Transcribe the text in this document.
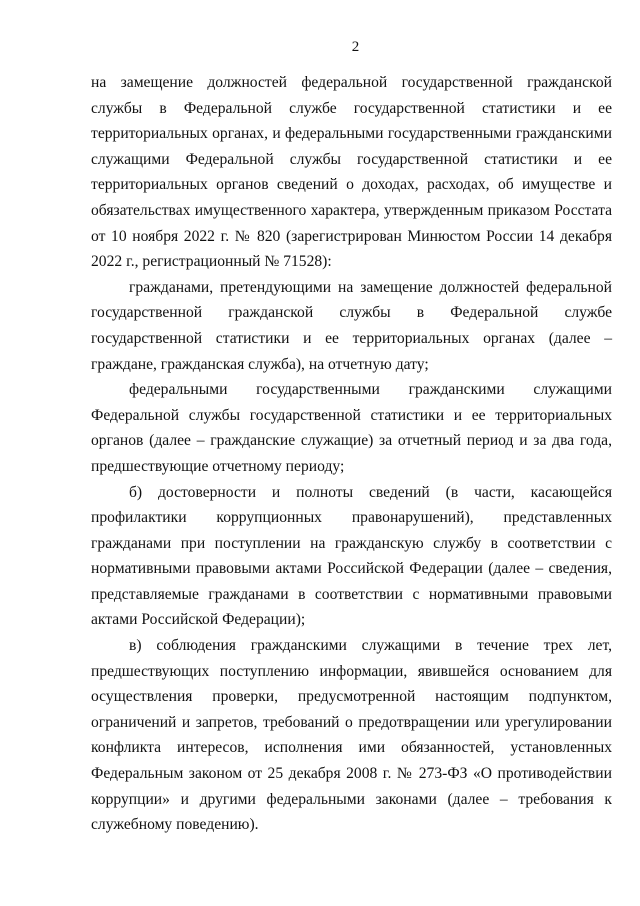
2

на замещение должностей федеральной государственной гражданской службы в Федеральной службе государственной статистики и ее территориальных органах, и федеральными государственными гражданскими служащими Федеральной службы государственной статистики и ее территориальных органов сведений о доходах, расходах, об имуществе и обязательствах имущественного характера, утвержденным приказом Росстата от 10 ноября 2022 г. № 820 (зарегистрирован Минюстом России 14 декабря 2022 г., регистрационный № 71528):

гражданами, претендующими на замещение должностей федеральной государственной гражданской службы в Федеральной службе государственной статистики и ее территориальных органах (далее – граждане, гражданская служба), на отчетную дату;

федеральными государственными гражданскими служащими Федеральной службы государственной статистики и ее территориальных органов (далее – гражданские служащие) за отчетный период и за два года, предшествующие отчетному периоду;

б) достоверности и полноты сведений (в части, касающейся профилактики коррупционных правонарушений), представленных гражданами при поступлении на гражданскую службу в соответствии с нормативными правовыми актами Российской Федерации (далее – сведения, представляемые гражданами в соответствии с нормативными правовыми актами Российской Федерации);

в) соблюдения гражданскими служащими в течение трех лет, предшествующих поступлению информации, явившейся основанием для осуществления проверки, предусмотренной настоящим подпунктом, ограничений и запретов, требований о предотвращении или урегулировании конфликта интересов, исполнения ими обязанностей, установленных Федеральным законом от 25 декабря 2008 г. № 273-ФЗ «О противодействии коррупции» и другими федеральными законами (далее – требования к служебному поведению).
